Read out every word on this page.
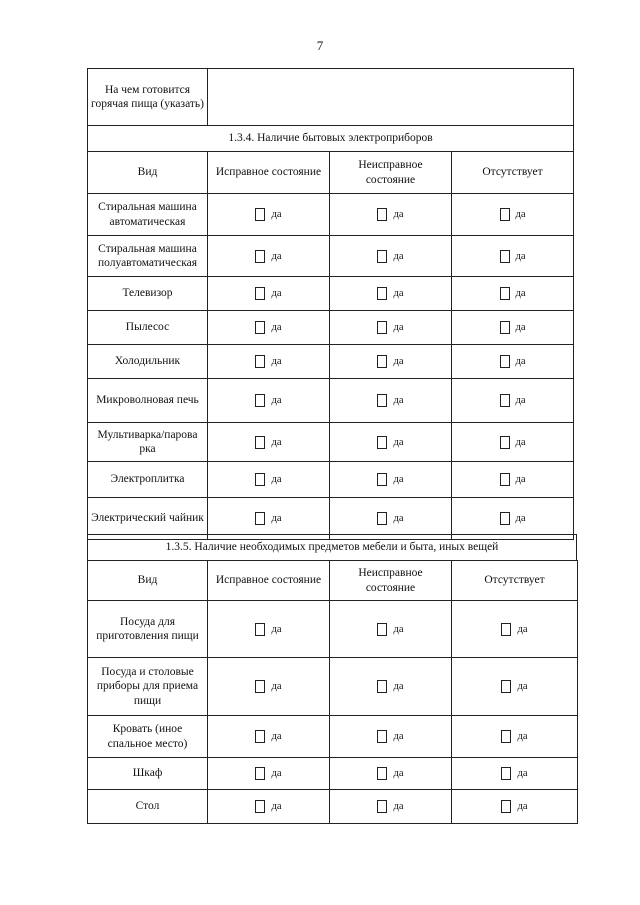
7
На чем готовится горячая пища (указать)			
1.3.4. Наличие бытовых электроприборов			
Вид	Исправное состояние	Неисправное состояние	Отсутствует
Стиральная машина автоматическая	да	да	да
Стиральная машина полуавтоматическая	да	да	да
Телевизор	да	да	да
Пылесос	да	да	да
Холодильник	да	да	да
Микроволновая печь	да	да	да
Мультиварка/парова рка	да	да	да
Электроплитка	да	да	да
Электрический чайник	да	да	да
Вид	Исправное состояние	Неисправное состояние	Отсутствует
Посуда для приготовления пищи	да	да	да
Посуда и столовые приборы для приема пищи	да	да	да
Кровать (иное спальное место)	да	да	да
Шкаф	да	да	да
Стол	да	да	да
1.3.5. Наличие необходимых предметов мебели и быта, иных вещей
